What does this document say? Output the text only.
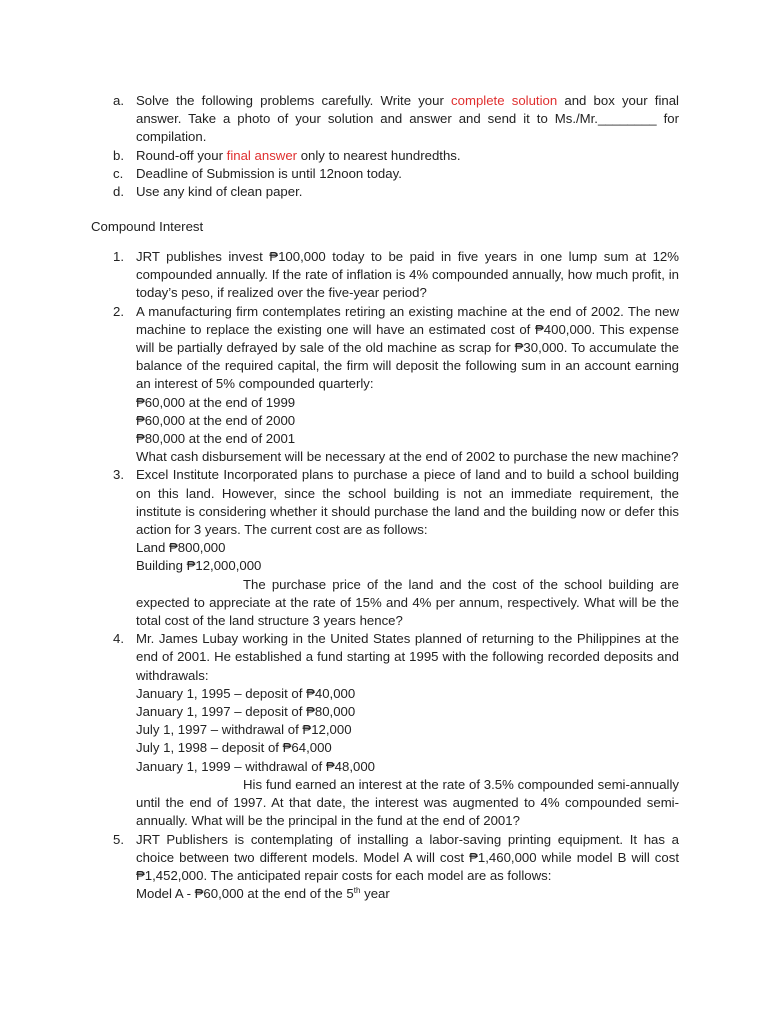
a. Solve the following problems carefully. Write your complete solution and box your final answer. Take a photo of your solution and answer and send it to Ms./Mr.________ for compilation.
b. Round-off your final answer only to nearest hundredths.
c. Deadline of Submission is until 12noon today.
d. Use any kind of clean paper.
Compound Interest
1. JRT publishes invest ₱100,000 today to be paid in five years in one lump sum at 12% compounded annually. If the rate of inflation is 4% compounded annually, how much profit, in today’s peso, if realized over the five-year period?
2. A manufacturing firm contemplates retiring an existing machine at the end of 2002. The new machine to replace the existing one will have an estimated cost of ₱400,000. This expense will be partially defrayed by sale of the old machine as scrap for ₱30,000. To accumulate the balance of the required capital, the firm will deposit the following sum in an account earning an interest of 5% compounded quarterly:
₱60,000 at the end of 1999
₱60,000 at the end of 2000
₱80,000 at the end of 2001
What cash disbursement will be necessary at the end of 2002 to purchase the new machine?
3. Excel Institute Incorporated plans to purchase a piece of land and to build a school building on this land. However, since the school building is not an immediate requirement, the institute is considering whether it should purchase the land and the building now or defer this action for 3 years. The current cost are as follows:
Land ₱800,000
Building ₱12,000,000
The purchase price of the land and the cost of the school building are expected to appreciate at the rate of 15% and 4% per annum, respectively. What will be the total cost of the land structure 3 years hence?
4. Mr. James Lubay working in the United States planned of returning to the Philippines at the end of 2001. He established a fund starting at 1995 with the following recorded deposits and withdrawals:
January 1, 1995 – deposit of ₱40,000
January 1, 1997 – deposit of ₱80,000
July 1, 1997 – withdrawal of ₱12,000
July 1, 1998 – deposit of ₱64,000
January 1, 1999 – withdrawal of ₱48,000
His fund earned an interest at the rate of 3.5% compounded semi-annually until the end of 1997. At that date, the interest was augmented to 4% compounded semi-annually. What will be the principal in the fund at the end of 2001?
5. JRT Publishers is contemplating of installing a labor-saving printing equipment. It has a choice between two different models. Model A will cost ₱1,460,000 while model B will cost ₱1,452,000. The anticipated repair costs for each model are as follows:
Model A - ₱60,000 at the end of the 5th year
